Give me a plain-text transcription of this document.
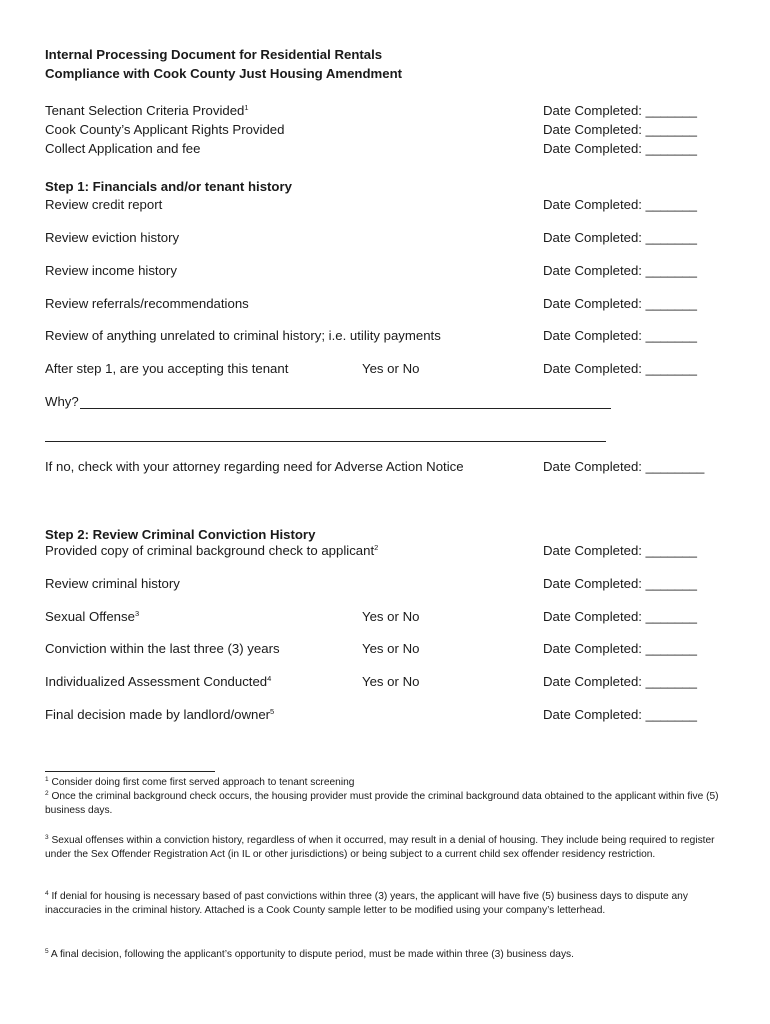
Internal Processing Document for Residential Rentals
Compliance with Cook County Just Housing Amendment
Tenant Selection Criteria Provided$^1$	Date Completed: _______
Cook County’s Applicant Rights Provided	Date Completed: _______
Collect Application and fee	Date Completed: _______
Step 1: Financials and/or tenant history
Review credit report	Date Completed: _______
Review eviction history	Date Completed: _______
Review income history	Date Completed: _______
Review referrals/recommendations	Date Completed: _______
Review of anything unrelated to criminal history; i.e. utility payments	Date Completed: _______
After step 1, are you accepting this tenant	Yes or No	Date Completed: _______
Why?
If no, check with your attorney regarding need for Adverse Action Notice	Date Completed: ________
Step 2: Review Criminal Conviction History
Provided copy of criminal background check to applicant$^2$	Date Completed: _______
Review criminal history	Date Completed: _______
Sexual Offense$^3$	Yes or No	Date Completed: _______
Conviction within the last three (3) years	Yes or No	Date Completed: _______
Individualized Assessment Conducted$^4$	Yes or No	Date Completed: _______
Final decision made by landlord/owner$^5$	Date Completed: _______
$^1$ Consider doing first come first served approach to tenant screening
$^2$ Once the criminal background check occurs, the housing provider must provide the criminal background data obtained to the applicant within five (5) business days.
$^3$ Sexual offenses within a conviction history, regardless of when it occurred, may result in a denial of housing. They include being required to register under the Sex Offender Registration Act (in IL or other jurisdictions) or being subject to a current child sex offender residency restriction.
$^4$ If denial for housing is necessary based of past convictions within three (3) years, the applicant will have five (5) business days to dispute any inaccuracies in the criminal history. Attached is a Cook County sample letter to be modified using your company’s letterhead.
$^5$ A final decision, following the applicant’s opportunity to dispute period, must be made within three (3) business days.
